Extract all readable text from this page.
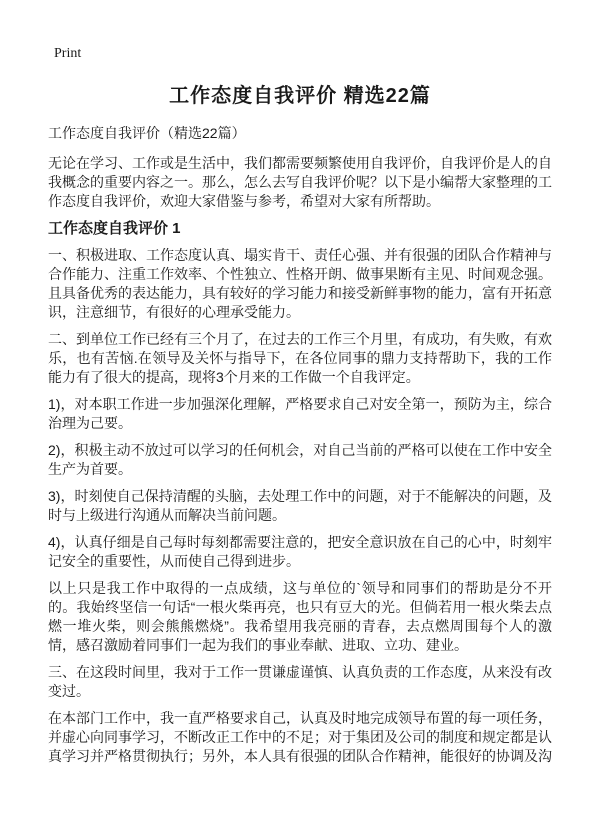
Print
工作态度自我评价 精选22篇

工作态度自我评价（精选22篇）

无论在学习、工作或是生活中，我们都需要频繁使用自我评价，自我评价是人的自我概念的重要内容之一。那么，怎么去写自我评价呢？以下是小编帮大家整理的工作态度自我评价，欢迎大家借鉴与参考，希望对大家有所帮助。

工作态度自我评价 1

一、积极进取、工作态度认真、塌实肯干、责任心强、并有很强的团队合作精神与合作能力、注重工作效率、个性独立、性格开朗、做事果断有主见、时间观念强。且具备优秀的表达能力，具有较好的学习能力和接受新鲜事物的能力，富有开拓意识，注意细节，有很好的心理承受能力。

二、到单位工作已经有三个月了，在过去的工作三个月里，有成功，有失败，有欢乐，也有苦恼.在领导及关怀与指导下，在各位同事的鼎力支持帮助下，我的工作能力有了很大的提高，现将3个月来的工作做一个自我评定。

1)，对本职工作进一步加强深化理解，严格要求自己对安全第一，预防为主，综合治理为己要。

2)，积极主动不放过可以学习的任何机会，对自己当前的严格可以使在工作中安全生产为首要。

3)，时刻使自己保持清醒的头脑，去处理工作中的问题，对于不能解决的问题，及时与上级进行沟通从而解决当前问题。

4)，认真仔细是自己每时每刻都需要注意的，把安全意识放在自己的心中，时刻牢记安全的重要性，从而使自己得到进步。

以上只是我工作中取得的一点成绩，这与单位的`领导和同事们的帮助是分不开的。我始终坚信一句话“一根火柴再亮，也只有豆大的光。但倘若用一根火柴去点燃一堆火柴，则会熊熊燃烧”。我希望用我亮丽的青春，去点燃周围每个人的激情，感召激励着同事们一起为我们的事业奉献、进取、立功、建业。

三、在这段时间里，我对于工作一贯谦虚谨慎、认真负责的工作态度，从来没有改变过。

在本部门工作中，我一直严格要求自己，认真及时地完成领导布置的每一项任务，并虚心向同事学习，不断改正工作中的不足；对于集团及公司的制度和规定都是认真学习并严格贯彻执行；另外，本人具有很强的团队合作精神，能很好的协调及沟
